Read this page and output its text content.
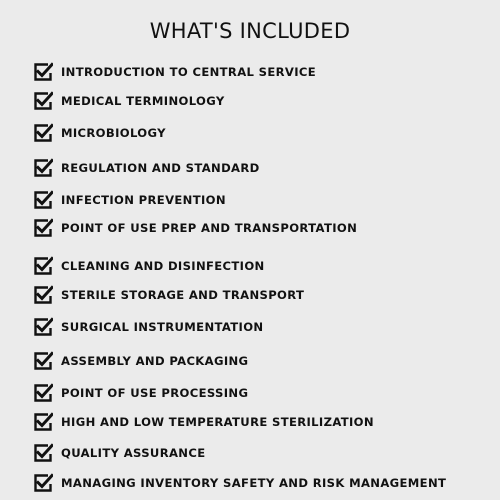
WHAT'S INCLUDED
INTRODUCTION TO CENTRAL SERVICE
MEDICAL TERMINOLOGY
MICROBIOLOGY
REGULATION AND STANDARD
INFECTION PREVENTION
POINT OF USE PREP AND TRANSPORTATION
CLEANING AND DISINFECTION
STERILE STORAGE AND TRANSPORT
SURGICAL INSTRUMENTATION
ASSEMBLY AND PACKAGING
POINT OF USE PROCESSING
HIGH AND LOW TEMPERATURE STERILIZATION
QUALITY ASSURANCE
MANAGING INVENTORY SAFETY AND RISK MANAGEMENT
